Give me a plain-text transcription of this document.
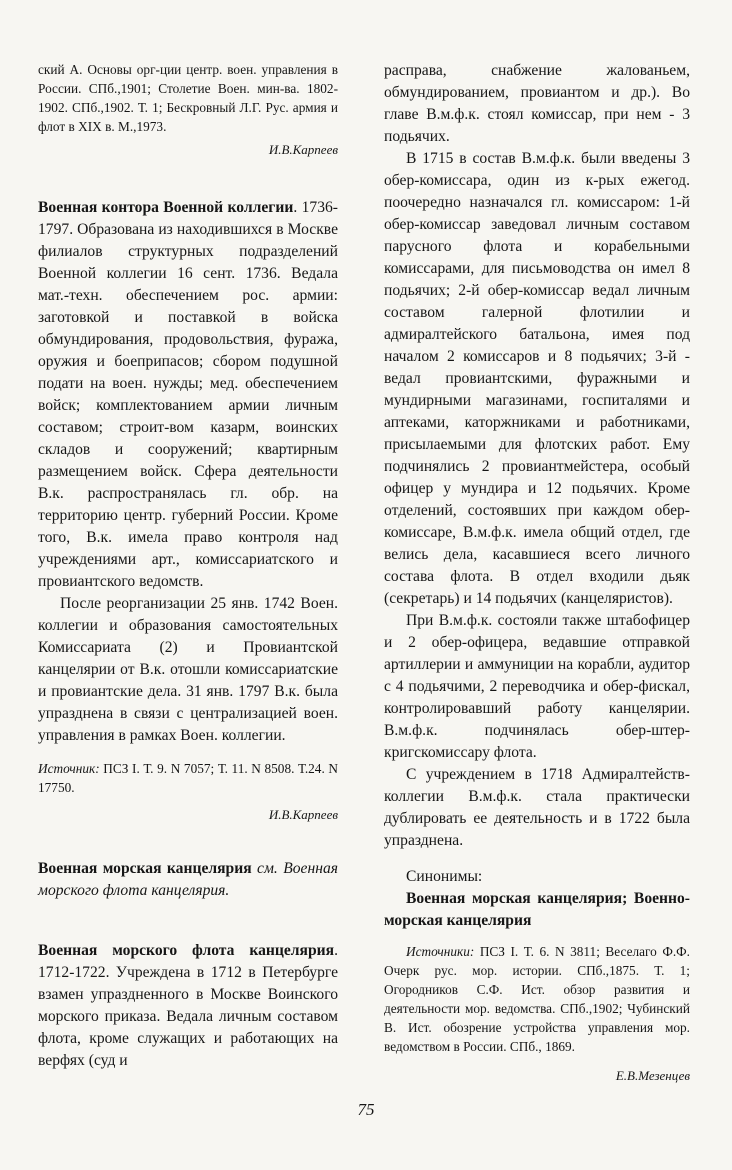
ский А. Основы орг-ции центр. воен. управления в России. СПб.,1901; Столетие Воен. мин-ва. 1802-1902. СПб.,1902. Т. 1; Бескровный Л.Г. Рус. армия и флот в XIX в. М.,1973.

И.В.Карпеев

Военная контора Военной коллегии. 1736-1797. Образована из находившихся в Москве филиалов структурных подразделений Военной коллегии 16 сент. 1736. Ведала мат.-техн. обеспечением рос. армии: заготовкой и поставкой в войска обмундирования, продовольствия, фуража, оружия и боеприпасов; сбором подушной подати на воен. нужды; мед. обеспечением войск; комплектованием армии личным составом; строит-вом казарм, воинских складов и сооружений; квартирным размещением войск. Сфера деятельности В.к. распространялась гл. обр. на территорию центр. губерний России. Кроме того, В.к. имела право контроля над учреждениями арт., комиссариатского и провиантского ведомств.

После реорганизации 25 янв. 1742 Воен. коллегии и образования самостоятельных Комиссариата (2) и Провиантской канцелярии от В.к. отошли комиссариатские и провиантские дела. 31 янв. 1797 В.к. была упразднена в связи с централизацией воен. управления в рамках Воен. коллегии.

Источник: ПСЗ I. Т. 9. N 7057; Т. 11. N 8508. Т.24. N 17750.

И.В.Карпеев

Военная морская канцелярия см. Военная морского флота канцелярия.

Военная морского флота канцелярия. 1712-1722. Учреждена в 1712 в Петербурге взамен упраздненного в Москве Воинского морского приказа. Ведала личным составом флота, кроме служащих и работающих на верфях (суд и

расправа, снабжение жалованьем, обмундированием, провиантом и др.). Во главе В.м.ф.к. стоял комиссар, при нем - 3 подьячих.

В 1715 в состав В.м.ф.к. были введены 3 обер-комиссара, один из к-рых ежегод. поочередно назначался гл. комиссаром: 1-й обер-комиссар заведовал личным составом парусного флота и корабельными комиссарами, для письмоводства он имел 8 подьячих; 2-й обер-комиссар ведал личным составом галерной флотилии и адмиралтейского батальона, имея под началом 2 комиссаров и 8 подьячих; 3-й - ведал провиантскими, фуражными и мундирными магазинами, госпиталями и аптеками, каторжниками и работниками, присылаемыми для флотских работ. Ему подчинялись 2 провиантмейстера, особый офицер у мундира и 12 подьячих. Кроме отделений, состоявших при каждом обер-комиссаре, В.м.ф.к. имела общий отдел, где велись дела, касавшиеся всего личного состава флота. В отдел входили дьяк (секретарь) и 14 подьячих (канцеляристов).

При В.м.ф.к. состояли также штабофицер и 2 обер-офицера, ведавшие отправкой артиллерии и аммуниции на корабли, аудитор с 4 подьячими, 2 переводчика и обер-фискал, контролировавший работу канцелярии. В.м.ф.к. подчинялась обер-штер-кригскомиссару флота.

С учреждением в 1718 Адмиралтейств-коллегии В.м.ф.к. стала практически дублировать ее деятельность и в 1722 была упразднена.

Синонимы:

Военная морская канцелярия; Военно-морская канцелярия

Источники: ПСЗ I. Т. 6. N 3811; Веселаго Ф.Ф. Очерк рус. мор. истории. СПб.,1875. Т. 1; Огородников С.Ф. Ист. обзор развития и деятельности мор. ведомства. СПб.,1902; Чубинский В. Ист. обозрение устройства управления мор. ведомством в России. СПб., 1869.

Е.В.Мезенцев

75
